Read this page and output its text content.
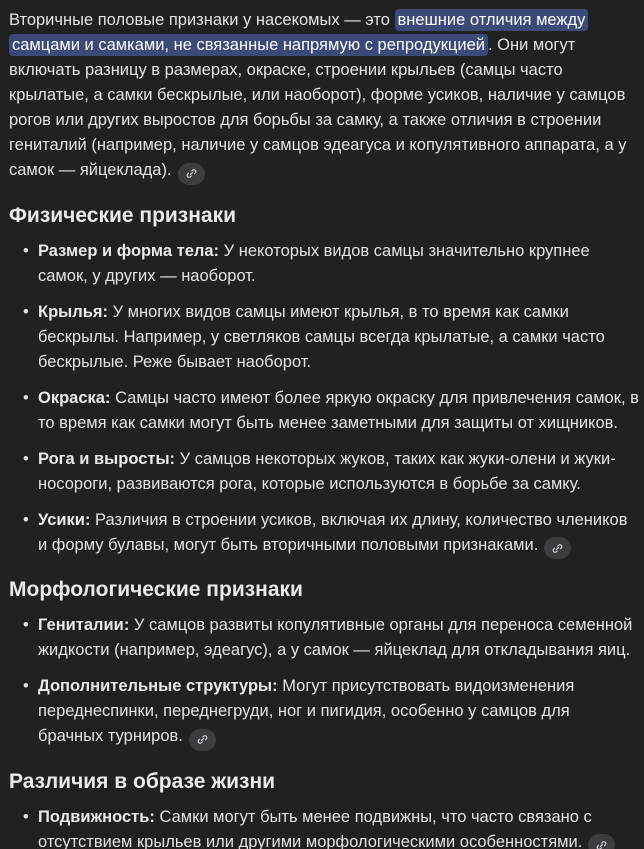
Вторичные половые признаки у насекомых — это внешние отличия между самцами и самками, не связанные напрямую с репродукцией . Они могут включать разницу в размерах, окраске, строении крыльев (самцы часто крылатые, а самки бескрылые, или наоборот), форме усиков, наличие у самцов рогов или других выростов для борьбы за самку, а также отличия в строении гениталий (например, наличие у самцов эдеагуса и копулятивного аппарата, а у самок — яйцеклада).

Физические признаки
• Размер и форма тела: У некоторых видов самцы значительно крупнее самок, у других — наоборот.
• Крылья: У многих видов самцы имеют крылья, в то время как самки бескрылы. Например, у светляков самцы всегда крылатые, а самки часто бескрылые. Реже бывает наоборот.
• Окраска: Самцы часто имеют более яркую окраску для привлечения самок, в то время как самки могут быть менее заметными для защиты от хищников.
• Рога и выросты: У самцов некоторых жуков, таких как жуки-олени и жуки-носороги, развиваются рога, которые используются в борьбе за самку.
• Усики: Различия в строении усиков, включая их длину, количество члеников и форму булавы, могут быть вторичными половыми признаками.
Морфологические признаки
• Гениталии: У самцов развиты копулятивные органы для переноса семенной жидкости (например, эдеагус), а у самок — яйцеклад для откладывания яиц.
• Дополнительные структуры: Могут присутствовать видоизменения переднеспинки, переднегруди, ног и пигидия, особенно у самцов для брачных турниров.
Различия в образе жизни
• Подвижность: Самки могут быть менее подвижны, что часто связано с отсутствием крыльев или другими морфологическими особенностями.
